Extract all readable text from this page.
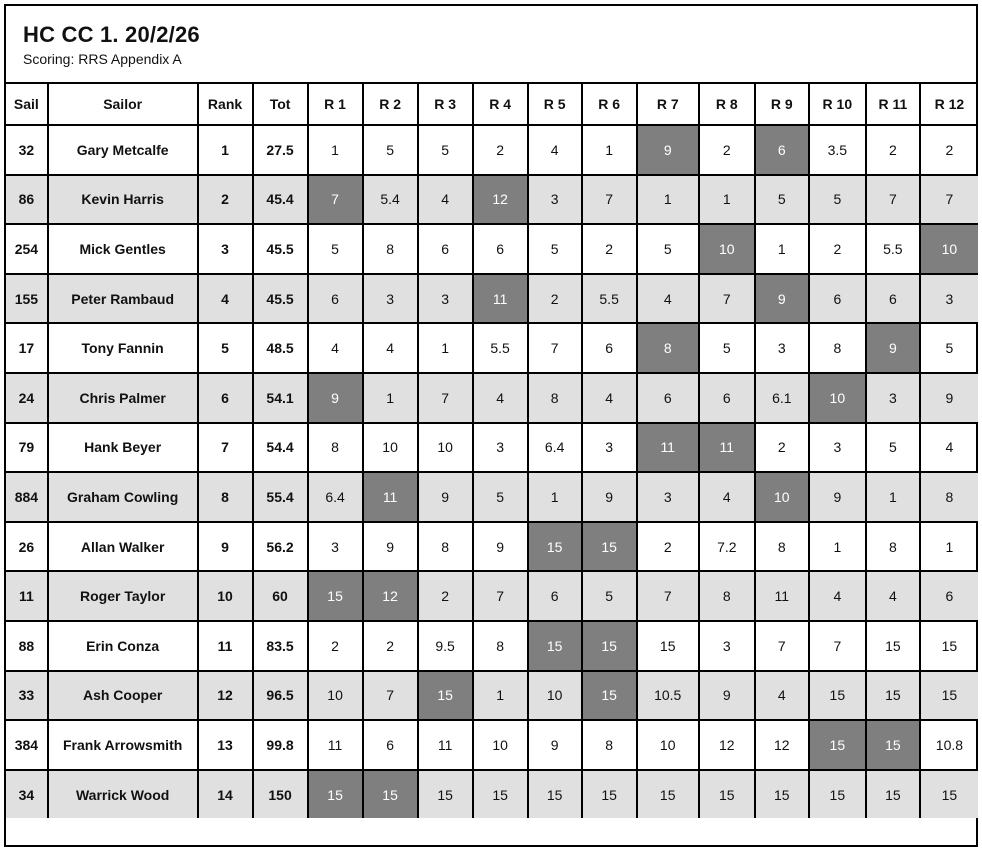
HC CC 1. 20/2/26
Scoring: RRS Appendix A
Sail	Sailor	Rank	Tot	R 1	R 2	R 3	R 4	R 5	R 6	R 7	R 8	R 9	R 10	R 11	R 12
32	Gary Metcalfe	1	27.5	1	5	5	2	4	1	9	2	6	3.5	2	2
86	Kevin Harris	2	45.4	7	5.4	4	12	3	7	1	1	5	5	7	7
254	Mick Gentles	3	45.5	5	8	6	6	5	2	5	10	1	2	5.5	10
155	Peter Rambaud	4	45.5	6	3	3	11	2	5.5	4	7	9	6	6	3
17	Tony Fannin	5	48.5	4	4	1	5.5	7	6	8	5	3	8	9	5
24	Chris Palmer	6	54.1	9	1	7	4	8	4	6	6	6.1	10	3	9
79	Hank Beyer	7	54.4	8	10	10	3	6.4	3	11	11	2	3	5	4
884	Graham Cowling	8	55.4	6.4	11	9	5	1	9	3	4	10	9	1	8
26	Allan Walker	9	56.2	3	9	8	9	15	15	2	7.2	8	1	8	1
11	Roger Taylor	10	60	15	12	2	7	6	5	7	8	11	4	4	6
88	Erin Conza	11	83.5	2	2	9.5	8	15	15	15	3	7	7	15	15
33	Ash Cooper	12	96.5	10	7	15	1	10	15	10.5	9	4	15	15	15
384	Frank Arrowsmith	13	99.8	11	6	11	10	9	8	10	12	12	15	15	10.8
34	Warrick Wood	14	150	15	15	15	15	15	15	15	15	15	15	15	15
